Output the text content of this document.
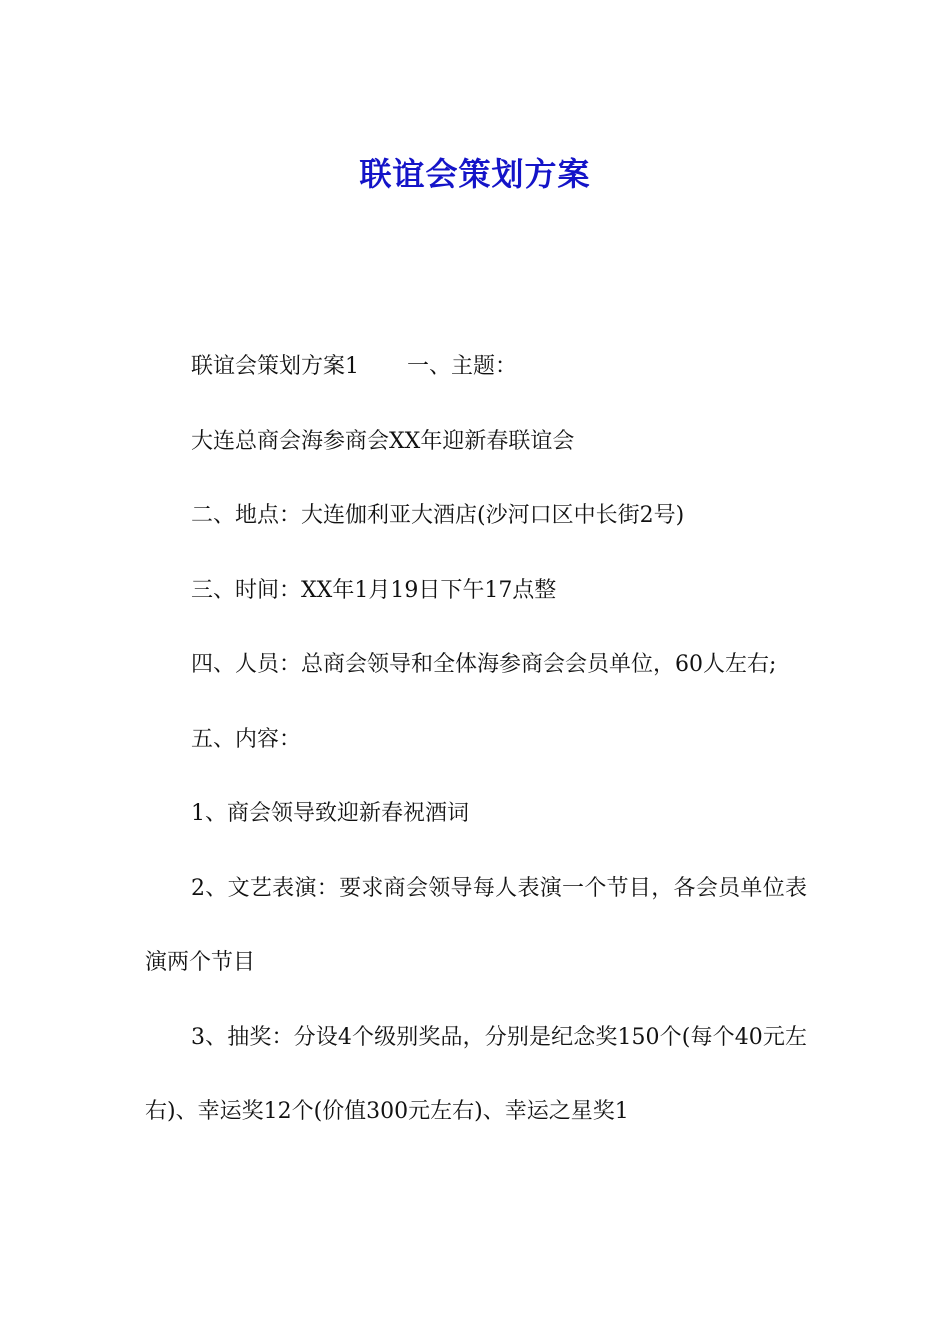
联谊会策划方案

联谊会策划方案1 一、主题：

大连总商会海参商会XX年迎新春联谊会

二、地点：大连伽利亚大酒店(沙河口区中长街2号)

三、时间：XX年1月19日下午17点整

四、人员：总商会领导和全体海参商会会员单位，60人左右;

五、内容：

1、商会领导致迎新春祝酒词

2、文艺表演：要求商会领导每人表演一个节目，各会员单位表演两个节目

3、抽奖：分设4个级别奖品，分别是纪念奖150个(每个40元左右)、幸运奖12个(价值300元左右)、幸运之星奖1
